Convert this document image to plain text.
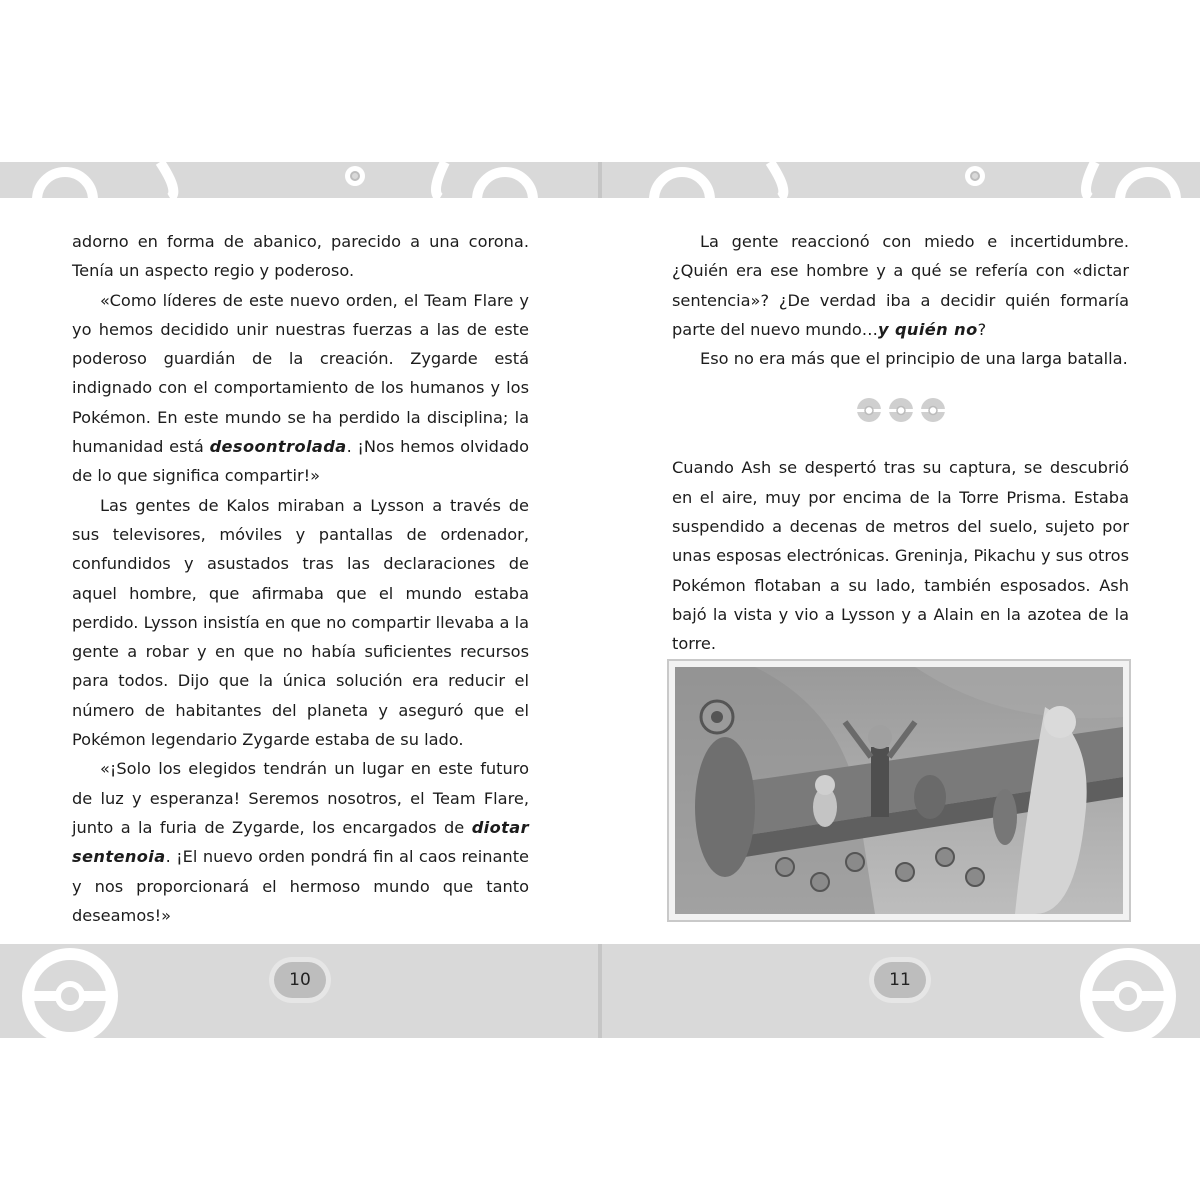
adorno en forma de abanico, parecido a una corona. Tenía un aspecto regio y poderoso.

«Como líderes de este nuevo orden, el Team Flare y yo hemos decidido unir nuestras fuerzas a las de este poderoso guardián de la creación. Zygarde está indignado con el comportamiento de los humanos y los Pokémon. En este mundo se ha perdido la disciplina; la humanidad está desoontrolada. ¡Nos hemos olvidado de lo que significa compartir!»

Las gentes de Kalos miraban a Lysson a través de sus televisores, móviles y pantallas de ordenador, confundidos y asustados tras las declaraciones de aquel hombre, que afirmaba que el mundo estaba perdido. Lysson insistía en que no compartir llevaba a la gente a robar y en que no había suficientes recursos para todos. Dijo que la única solución era reducir el número de habitantes del planeta y aseguró que el Pokémon legendario Zygarde estaba de su lado.

«¡Solo los elegidos tendrán un lugar en este futuro de luz y esperanza! Seremos nosotros, el Team Flare, junto a la furia de Zygarde, los encargados de diotar sentenoia. ¡El nuevo orden pondrá fin al caos reinante y nos proporcionará el hermoso mundo que tanto deseamos!»

La gente reaccionó con miedo e incertidumbre. ¿Quién era ese hombre y a qué se refería con «dictar sentencia»? ¿De verdad iba a decidir quién formaría parte del nuevo mundo…y quién no?

Eso no era más que el principio de una larga batalla.

Cuando Ash se despertó tras su captura, se descubrió en el aire, muy por encima de la Torre Prisma. Estaba suspendido a decenas de metros del suelo, sujeto por unas esposas electrónicas. Greninja, Pikachu y sus otros Pokémon flotaban a su lado, también esposados. Ash bajó la vista y vio a Lysson y a Alain en la azotea de la torre.

10	11
